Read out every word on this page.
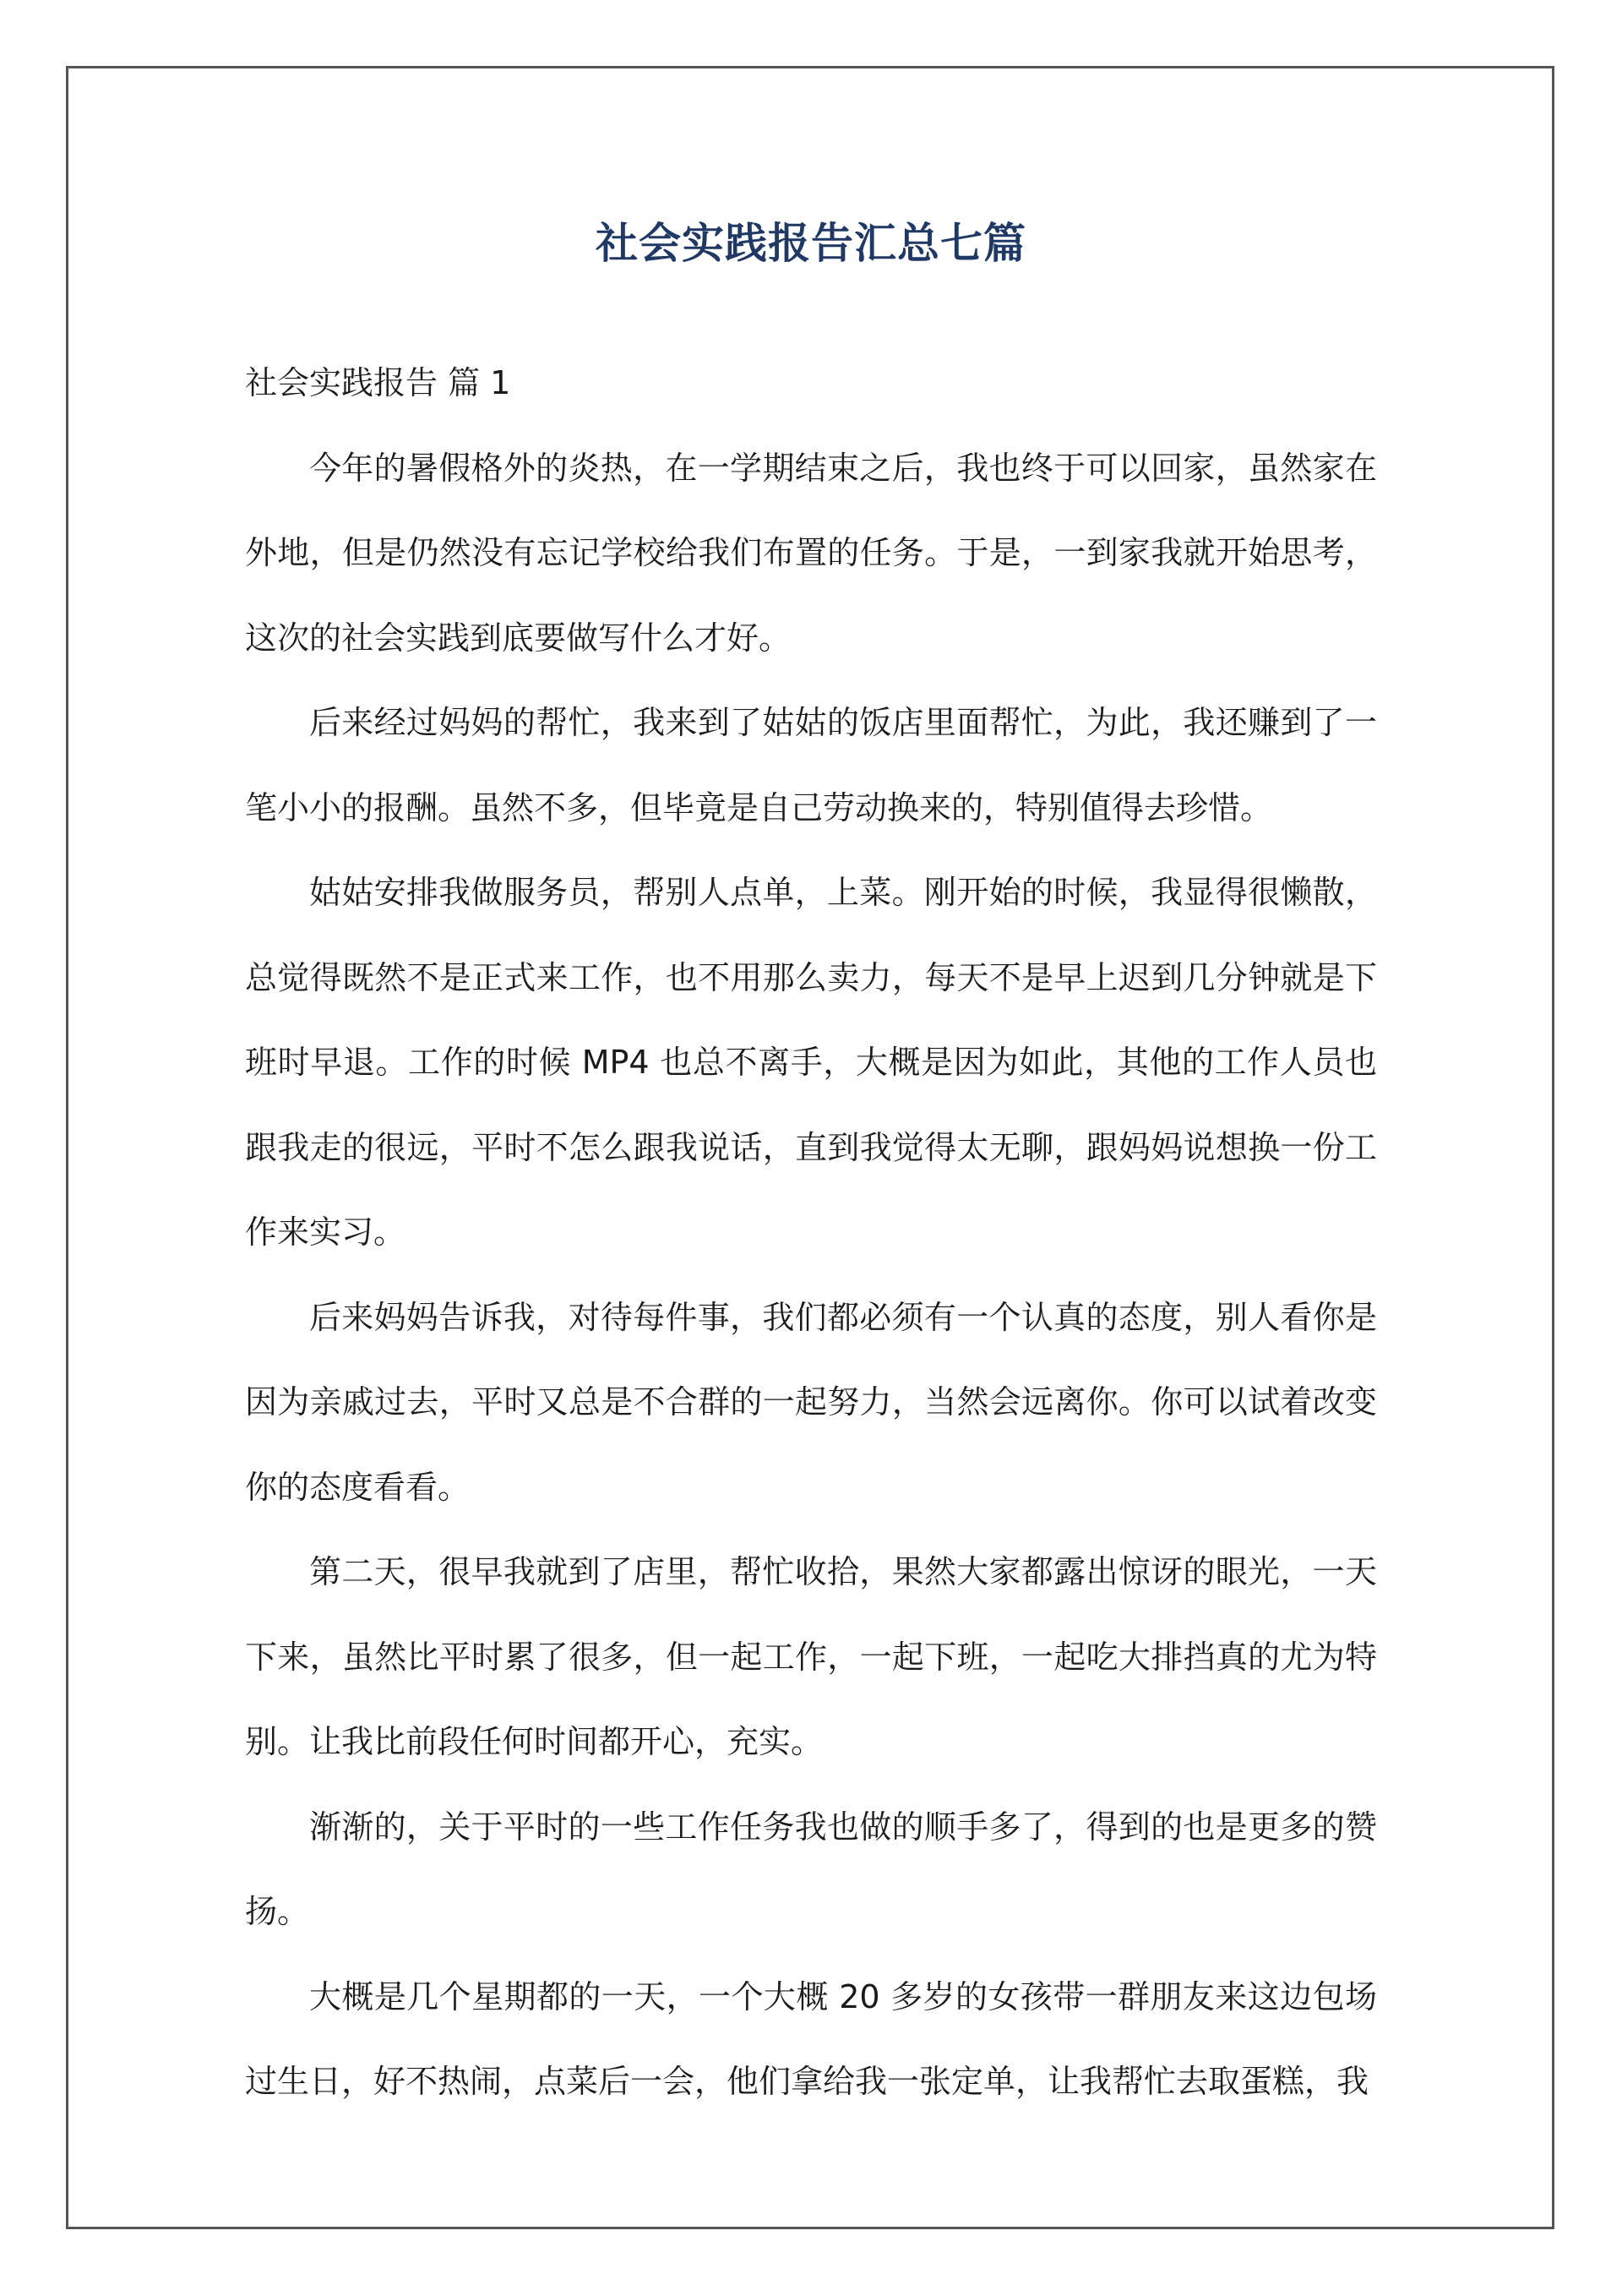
社会实践报告汇总七篇
社会实践报告 篇 1

今年的暑假格外的炎热，在一学期结束之后，我也终于可以回家，虽然家在外地，但是仍然没有忘记学校给我们布置的任务。于是，一到家我就开始思考，这次的社会实践到底要做写什么才好。

后来经过妈妈的帮忙，我来到了姑姑的饭店里面帮忙，为此，我还赚到了一笔小小的报酬。虽然不多，但毕竟是自己劳动换来的，特别值得去珍惜。

姑姑安排我做服务员，帮别人点单，上菜。刚开始的时候，我显得很懒散，总觉得既然不是正式来工作，也不用那么卖力，每天不是早上迟到几分钟就是下班时早退。工作的时候 MP4 也总不离手，大概是因为如此，其他的工作人员也跟我走的很远，平时不怎么跟我说话，直到我觉得太无聊，跟妈妈说想换一份工作来实习。

后来妈妈告诉我，对待每件事，我们都必须有一个认真的态度，别人看你是因为亲戚过去，平时又总是不合群的一起努力，当然会远离你。你可以试着改变你的态度看看。

第二天，很早我就到了店里，帮忙收拾，果然大家都露出惊讶的眼光，一天下来，虽然比平时累了很多，但一起工作，一起下班，一起吃大排挡真的尤为特别。让我比前段任何时间都开心，充实。

渐渐的，关于平时的一些工作任务我也做的顺手多了，得到的也是更多的赞扬。

大概是几个星期都的一天，一个大概 20 多岁的女孩带一群朋友来这边包场过生日，好不热闹，点菜后一会，他们拿给我一张定单，让我帮忙去取蛋糕，我
